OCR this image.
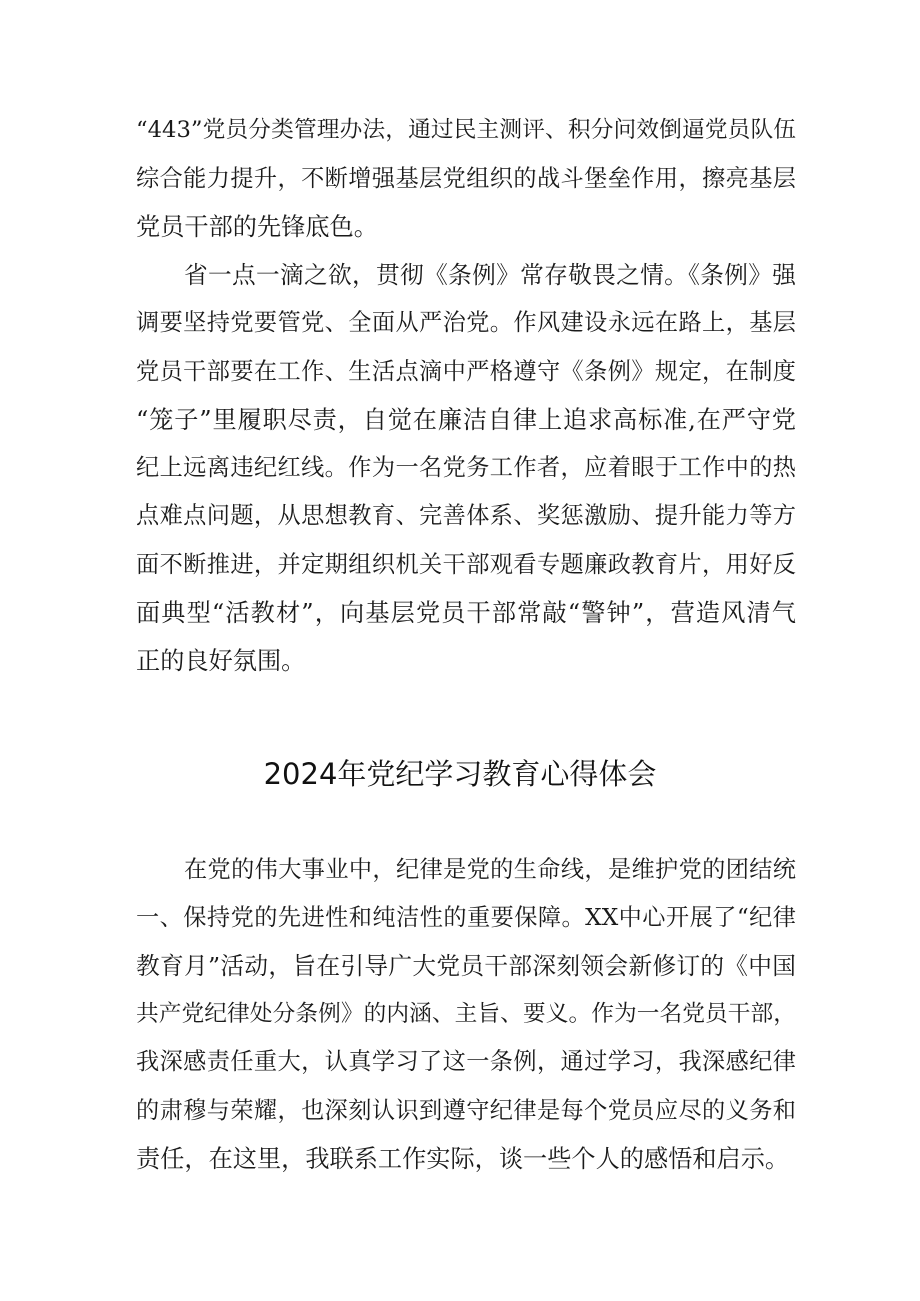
“443”党员分类管理办法，通过民主测评、积分问效倒逼党员队伍

综合能力提升，不断增强基层党组织的战斗堡垒作用，擦亮基层

党员干部的先锋底色。

省一点一滴之欲，贯彻《条例》常存敬畏之情。《条例》强

调要坚持党要管党、全面从严治党。作风建设永远在路上，基层

党员干部要在工作、生活点滴中严格遵守《条例》规定，在制度

“笼子”里履职尽责，自觉在廉洁自律上追求高标准,在严守党

纪上远离违纪红线。作为一名党务工作者，应着眼于工作中的热

点难点问题，从思想教育、完善体系、奖惩激励、提升能力等方

面不断推进，并定期组织机关干部观看专题廉政教育片，用好反

面典型“活教材”，向基层党员干部常敲“警钟”，营造风清气

正的良好氛围。

2024年党纪学习教育心得体会

在党的伟大事业中，纪律是党的生命线，是维护党的团结统

一、保持党的先进性和纯洁性的重要保障。XX中心开展了“纪律

教育月”活动，旨在引导广大党员干部深刻领会新修订的《中国

共产党纪律处分条例》的内涵、主旨、要义。作为一名党员干部，

我深感责任重大，认真学习了这一条例，通过学习，我深感纪律

的肃穆与荣耀，也深刻认识到遵守纪律是每个党员应尽的义务和

责任，在这里，我联系工作实际，谈一些个人的感悟和启示。
